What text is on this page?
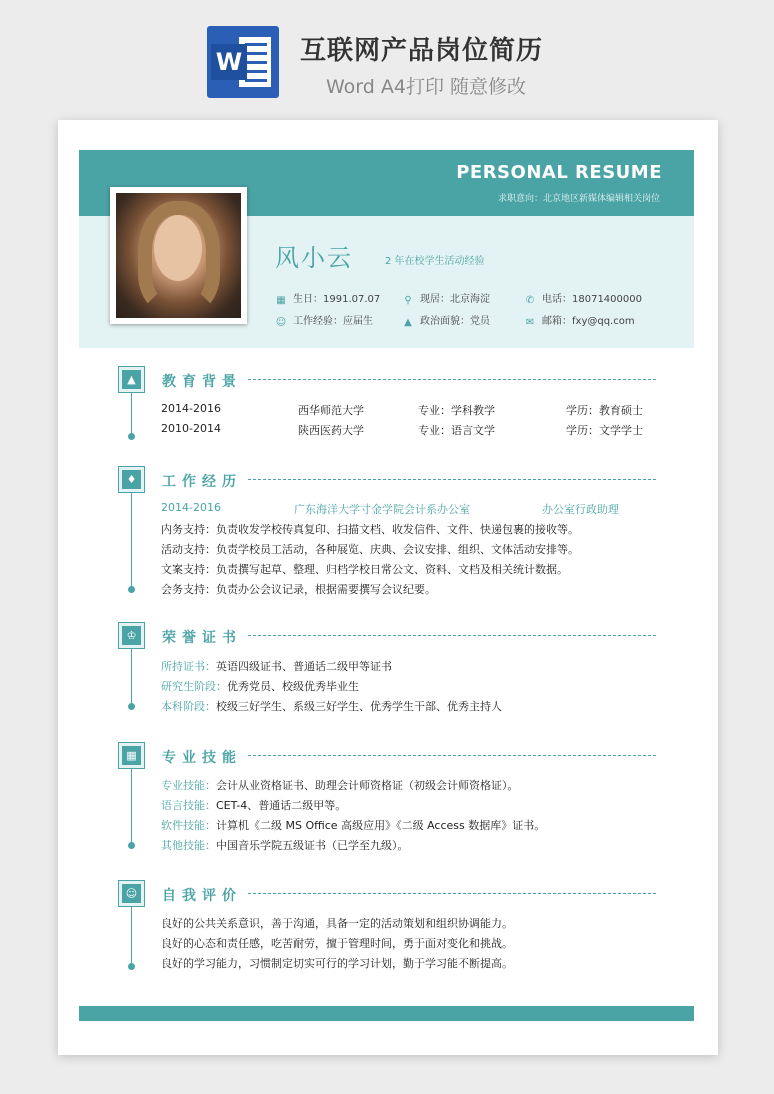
W 互联网产品岗位简历
Word A4打印 随意修改
PERSONAL RESUME
求职意向：北京地区新媒体编辑相关岗位
风小云	2 年在校学生活动经验
▦ 生日：1991.07.07 ⚲ 现居：北京海淀	✆ 电话：18071400000
☺ 工作经验：应届生	▲ 政治面貌：党员	✉ 邮箱：fxy@qq.com
▲	教育背景
2014-2016	西华师范大学	专业：学科教学	学历：教育硕士
2010-2014	陕西医药大学	专业：语言文学	学历：文学学士
♦	工作经历
2014-2016	广东海洋大学寸金学院会计系办公室	办公室行政助理
内务支持：负责收发学校传真复印、扫描文档、收发信件、文件、快递包裹的接收等。
活动支持：负责学校员工活动，各种展览、庆典、会议安排、组织、文体活动安排等。
文案支持：负责撰写起草、整理、归档学校日常公文、资料、文档及相关统计数据。
会务支持：负责办公会议记录，根据需要撰写会议纪要。
♔	荣誉证书
所持证书：英语四级证书、普通话二级甲等证书
研究生阶段：优秀党员、校级优秀毕业生
本科阶段：校级三好学生、系级三好学生、优秀学生干部、优秀主持人
▦	专业技能
专业技能：会计从业资格证书、助理会计师资格证（初级会计师资格证）。
语言技能：CET-4、普通话二级甲等。
软件技能：计算机《二级 MS Office 高级应用》《二级 Access 数据库》证书。
其他技能：中国音乐学院五级证书（已学至九级）。
☺	自我评价
良好的公共关系意识，善于沟通，具备一定的活动策划和组织协调能力。
良好的心态和责任感，吃苦耐劳，擅于管理时间，勇于面对变化和挑战。
良好的学习能力，习惯制定切实可行的学习计划，勤于学习能不断提高。
